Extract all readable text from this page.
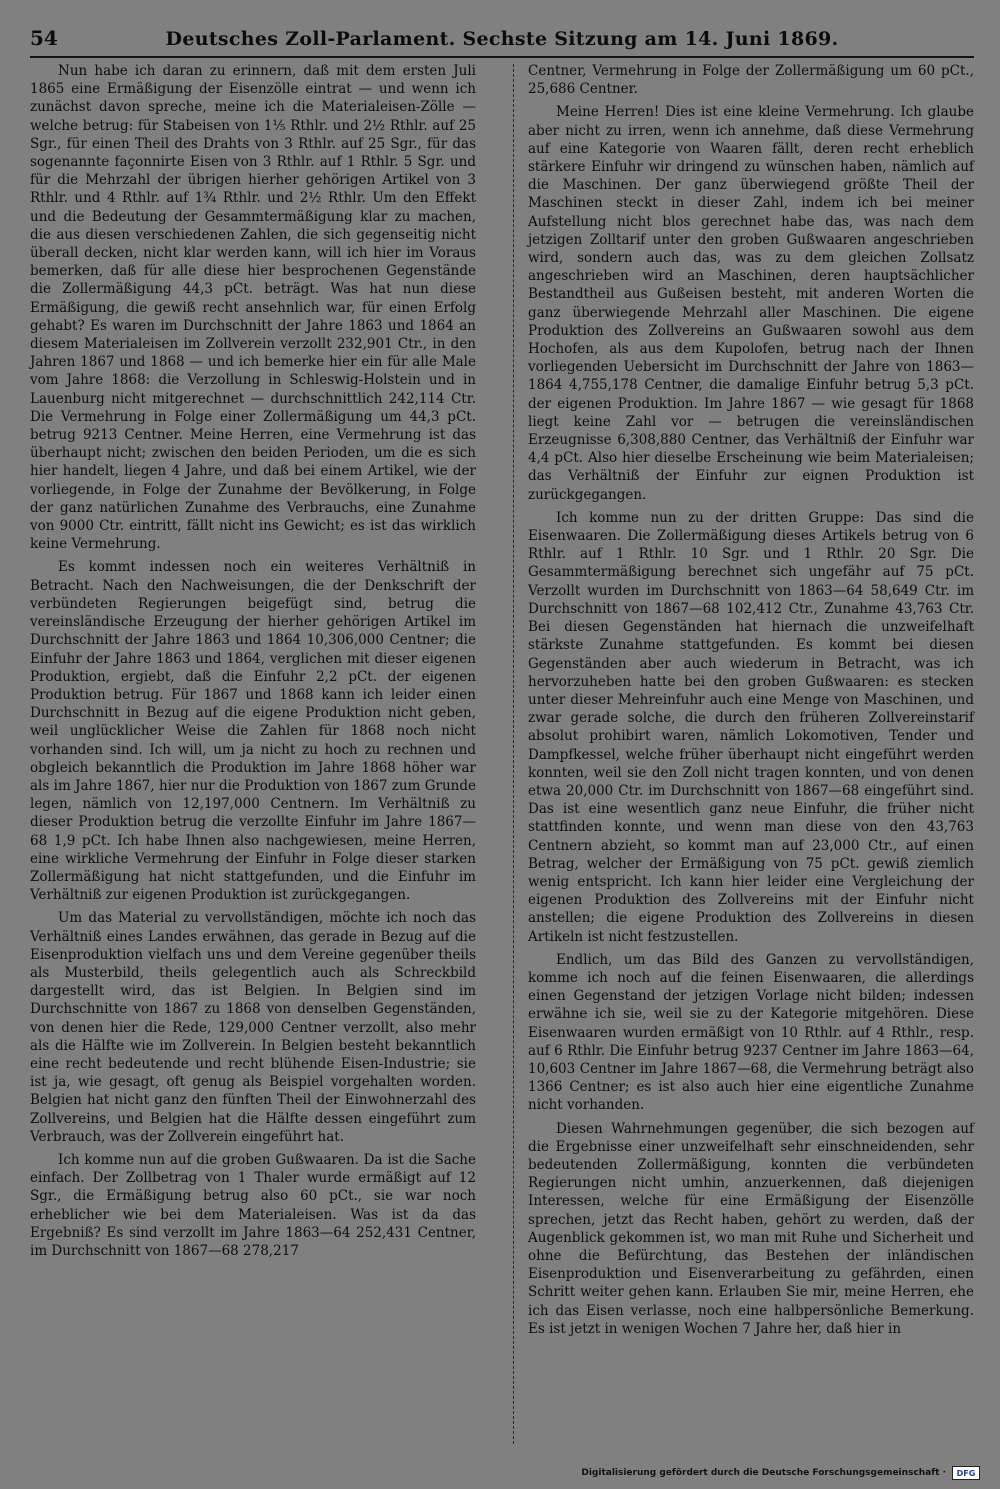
54	Deutsches Zoll-Parlament. Sechste Sitzung am 14. Juni 1869.

Nun habe ich daran zu erinnern, daß mit dem ersten Juli 1865 eine Ermäßigung der Eisenzölle eintrat — und wenn ich zunächst davon spreche, meine ich die Materialeisen-Zölle — welche betrug: für Stabeisen von 1⅕ Rthlr. und 2½ Rthlr. auf 25 Sgr., für einen Theil des Drahts von 3 Rthlr. auf 25 Sgr., für das sogenannte façonnirte Eisen von 3 Rthlr. auf 1 Rthlr. 5 Sgr. und für die Mehrzahl der übrigen hierher gehörigen Artikel von 3 Rthlr. und 4 Rthlr. auf 1¾ Rthlr. und 2½ Rthlr. Um den Effekt und die Bedeutung der Gesammtermäßigung klar zu machen, die aus diesen verschiedenen Zahlen, die sich gegenseitig nicht überall decken, nicht klar werden kann, will ich hier im Voraus bemerken, daß für alle diese hier besprochenen Gegenstände die Zollermäßigung 44,3 pCt. beträgt. Was hat nun diese Ermäßigung, die gewiß recht ansehnlich war, für einen Erfolg gehabt? Es waren im Durchschnitt der Jahre 1863 und 1864 an diesem Materialeisen im Zollverein verzollt 232,901 Ctr., in den Jahren 1867 und 1868 — und ich bemerke hier ein für alle Male vom Jahre 1868: die Verzollung in Schleswig-Holstein und in Lauenburg nicht mitgerechnet — durchschnittlich 242,114 Ctr. Die Vermehrung in Folge einer Zollermäßigung um 44,3 pCt. betrug 9213 Centner. Meine Herren, eine Vermehrung ist das überhaupt nicht; zwischen den beiden Perioden, um die es sich hier handelt, liegen 4 Jahre, und daß bei einem Artikel, wie der vorliegende, in Folge der Zunahme der Bevölkerung, in Folge der ganz natürlichen Zunahme des Verbrauchs, eine Zunahme von 9000 Ctr. eintritt, fällt nicht ins Gewicht; es ist das wirklich keine Vermehrung.

Es kommt indessen noch ein weiteres Verhältniß in Betracht. Nach den Nachweisungen, die der Denkschrift der verbündeten Regierungen beigefügt sind, betrug die vereinsländische Erzeugung der hierher gehörigen Artikel im Durchschnitt der Jahre 1863 und 1864 10,306,000 Centner; die Einfuhr der Jahre 1863 und 1864, verglichen mit dieser eigenen Produktion, ergiebt, daß die Einfuhr 2,2 pCt. der eigenen Produktion betrug. Für 1867 und 1868 kann ich leider einen Durchschnitt in Bezug auf die eigene Produktion nicht geben, weil unglücklicher Weise die Zahlen für 1868 noch nicht vorhanden sind. Ich will, um ja nicht zu hoch zu rechnen und obgleich bekanntlich die Produktion im Jahre 1868 höher war als im Jahre 1867, hier nur die Produktion von 1867 zum Grunde legen, nämlich von 12,197,000 Centnern. Im Verhältniß zu dieser Produktion betrug die verzollte Einfuhr im Jahre 1867—68 1,9 pCt. Ich habe Ihnen also nachgewiesen, meine Herren, eine wirkliche Vermehrung der Einfuhr in Folge dieser starken Zollermäßigung hat nicht stattgefunden, und die Einfuhr im Verhältniß zur eigenen Produktion ist zurückgegangen.

Um das Material zu vervollständigen, möchte ich noch das Verhältniß eines Landes erwähnen, das gerade in Bezug auf die Eisenproduktion vielfach uns und dem Vereine gegenüber theils als Musterbild, theils gelegentlich auch als Schreckbild dargestellt wird, das ist Belgien. In Belgien sind im Durchschnitte von 1867 zu 1868 von denselben Gegenständen, von denen hier die Rede, 129,000 Centner verzollt, also mehr als die Hälfte wie im Zollverein. In Belgien besteht bekanntlich eine recht bedeutende und recht blühende Eisen-Industrie; sie ist ja, wie gesagt, oft genug als Beispiel vorgehalten worden. Belgien hat nicht ganz den fünften Theil der Einwohnerzahl des Zollvereins, und Belgien hat die Hälfte dessen eingeführt zum Verbrauch, was der Zollverein eingeführt hat.

Ich komme nun auf die groben Gußwaaren. Da ist die Sache einfach. Der Zollbetrag von 1 Thaler wurde ermäßigt auf 12 Sgr., die Ermäßigung betrug also 60 pCt., sie war noch erheblicher wie bei dem Materialeisen. Was ist da das Ergebniß? Es sind verzollt im Jahre 1863—64 252,431 Centner, im Durchschnitt von 1867—68 278,217

Centner, Vermehrung in Folge der Zollermäßigung um 60 pCt., 25,686 Centner.

Meine Herren! Dies ist eine kleine Vermehrung. Ich glaube aber nicht zu irren, wenn ich annehme, daß diese Vermehrung auf eine Kategorie von Waaren fällt, deren recht erheblich stärkere Einfuhr wir dringend zu wünschen haben, nämlich auf die Maschinen. Der ganz überwiegend größte Theil der Maschinen steckt in dieser Zahl, indem ich bei meiner Aufstellung nicht blos gerechnet habe das, was nach dem jetzigen Zolltarif unter den groben Gußwaaren angeschrieben wird, sondern auch das, was zu dem gleichen Zollsatz angeschrieben wird an Maschinen, deren hauptsächlicher Bestandtheil aus Gußeisen besteht, mit anderen Worten die ganz überwiegende Mehrzahl aller Maschinen. Die eigene Produktion des Zollvereins an Gußwaaren sowohl aus dem Hochofen, als aus dem Kupolofen, betrug nach der Ihnen vorliegenden Uebersicht im Durchschnitt der Jahre von 1863—1864 4,755,178 Centner, die damalige Einfuhr betrug 5,3 pCt. der eigenen Produktion. Im Jahre 1867 — wie gesagt für 1868 liegt keine Zahl vor — betrugen die vereinsländischen Erzeugnisse 6,308,880 Centner, das Verhältniß der Einfuhr war 4,4 pCt. Also hier dieselbe Erscheinung wie beim Materialeisen; das Verhältniß der Einfuhr zur eignen Produktion ist zurückgegangen.

Ich komme nun zu der dritten Gruppe: Das sind die Eisenwaaren. Die Zollermäßigung dieses Artikels betrug von 6 Rthlr. auf 1 Rthlr. 10 Sgr. und 1 Rthlr. 20 Sgr. Die Gesammtermäßigung berechnet sich ungefähr auf 75 pCt. Verzollt wurden im Durchschnitt von 1863—64 58,649 Ctr. im Durchschnitt von 1867—68 102,412 Ctr., Zunahme 43,763 Ctr. Bei diesen Gegenständen hat hiernach die unzweifelhaft stärkste Zunahme stattgefunden. Es kommt bei diesen Gegenständen aber auch wiederum in Betracht, was ich hervorzuheben hatte bei den groben Gußwaaren: es stecken unter dieser Mehreinfuhr auch eine Menge von Maschinen, und zwar gerade solche, die durch den früheren Zollvereinstarif absolut prohibirt waren, nämlich Lokomotiven, Tender und Dampfkessel, welche früher überhaupt nicht eingeführt werden konnten, weil sie den Zoll nicht tragen konnten, und von denen etwa 20,000 Ctr. im Durchschnitt von 1867—68 eingeführt sind. Das ist eine wesentlich ganz neue Einfuhr, die früher nicht stattfinden konnte, und wenn man diese von den 43,763 Centnern abzieht, so kommt man auf 23,000 Ctr., auf einen Betrag, welcher der Ermäßigung von 75 pCt. gewiß ziemlich wenig entspricht. Ich kann hier leider eine Vergleichung der eigenen Produktion des Zollvereins mit der Einfuhr nicht anstellen; die eigene Produktion des Zollvereins in diesen Artikeln ist nicht festzustellen.

Endlich, um das Bild des Ganzen zu vervollständigen, komme ich noch auf die feinen Eisenwaaren, die allerdings einen Gegenstand der jetzigen Vorlage nicht bilden; indessen erwähne ich sie, weil sie zu der Kategorie mitgehören. Diese Eisenwaaren wurden ermäßigt von 10 Rthlr. auf 4 Rthlr., resp. auf 6 Rthlr. Die Einfuhr betrug 9237 Centner im Jahre 1863—64, 10,603 Centner im Jahre 1867—68, die Vermehrung beträgt also 1366 Centner; es ist also auch hier eine eigentliche Zunahme nicht vorhanden.

Diesen Wahrnehmungen gegenüber, die sich bezogen auf die Ergebnisse einer unzweifelhaft sehr einschneidenden, sehr bedeutenden Zollermäßigung, konnten die verbündeten Regierungen nicht umhin, anzuerkennen, daß diejenigen Interessen, welche für eine Ermäßigung der Eisenzölle sprechen, jetzt das Recht haben, gehört zu werden, daß der Augenblick gekommen ist, wo man mit Ruhe und Sicherheit und ohne die Befürchtung, das Bestehen der inländischen Eisenproduktion und Eisenverarbeitung zu gefährden, einen Schritt weiter gehen kann. Erlauben Sie mir, meine Herren, ehe ich das Eisen verlasse, noch eine halbpersönliche Bemerkung. Es ist jetzt in wenigen Wochen 7 Jahre her, daß hier in

Digitalisierung gefördert durch die Deutsche Forschungsgemeinschaft ·	DFG
